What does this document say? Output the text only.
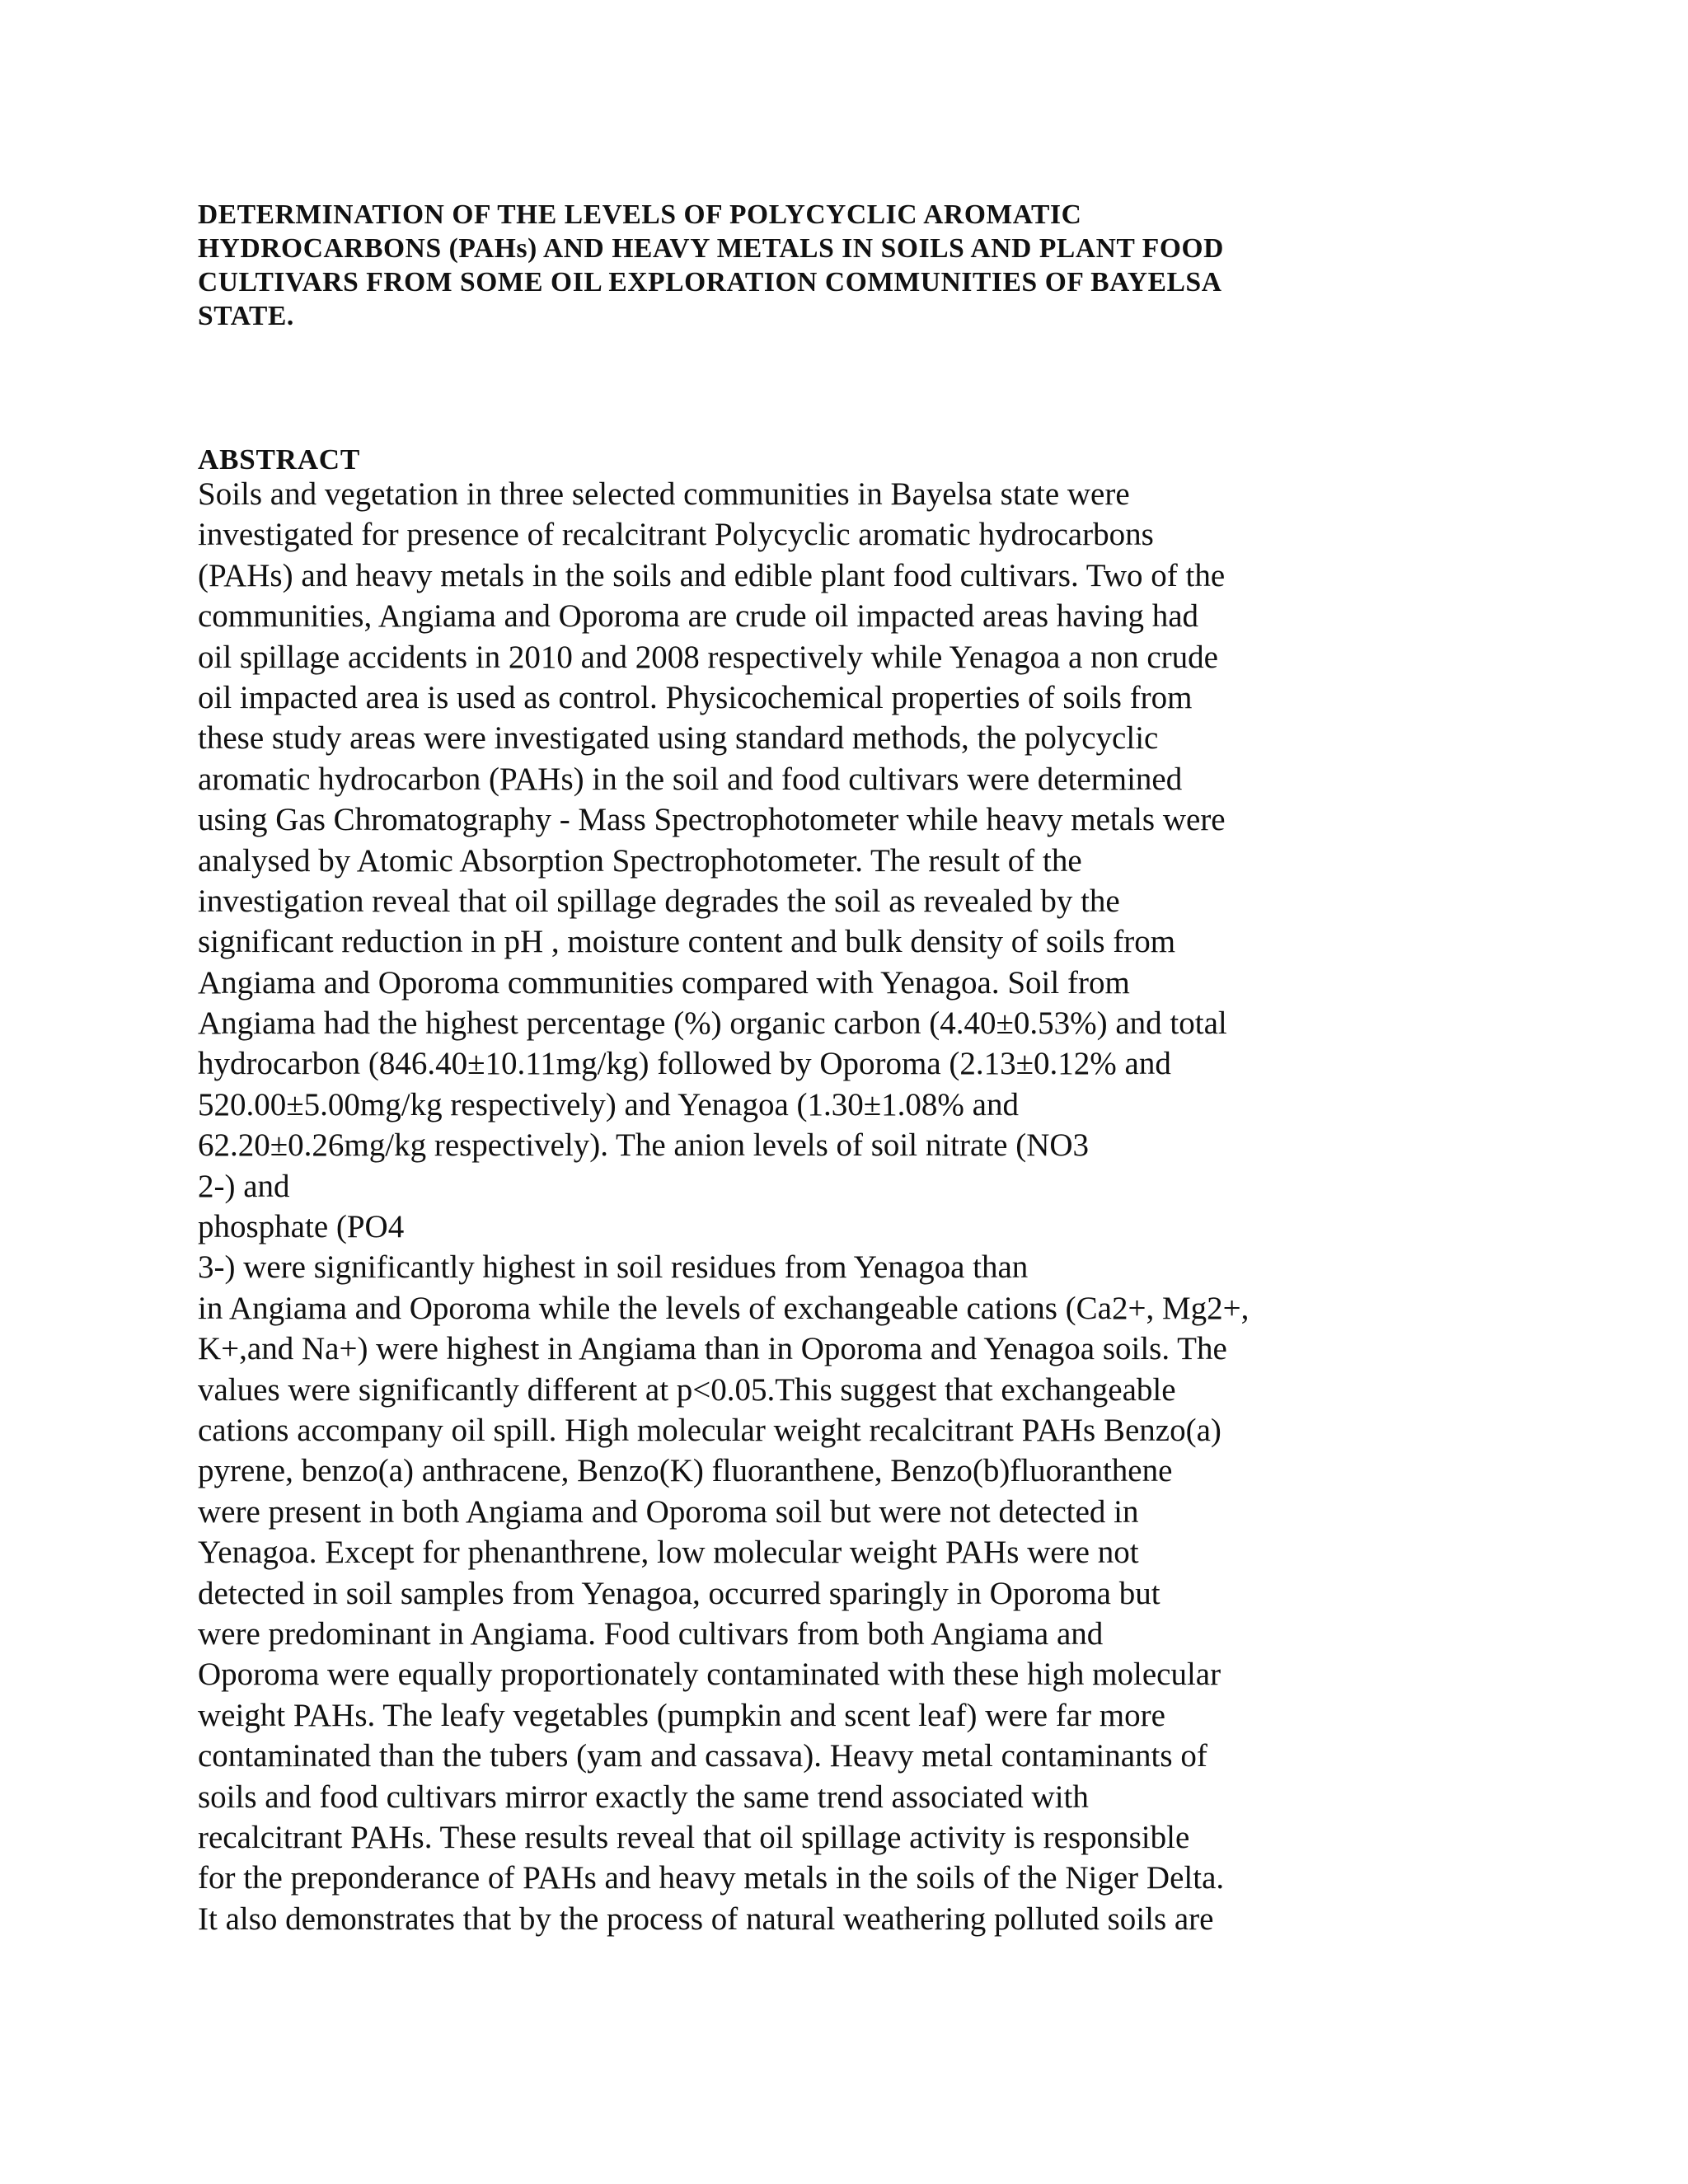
DETERMINATION OF THE LEVELS OF POLYCYCLIC AROMATIC
HYDROCARBONS (PAHs) AND HEAVY METALS IN SOILS AND PLANT FOOD
CULTIVARS FROM SOME OIL EXPLORATION COMMUNITIES OF BAYELSA
STATE.
ABSTRACT
Soils and vegetation in three selected communities in Bayelsa state were
investigated for presence of recalcitrant Polycyclic aromatic hydrocarbons
(PAHs) and heavy metals in the soils and edible plant food cultivars. Two of the
communities, Angiama and Oporoma are crude oil impacted areas having had
oil spillage accidents in 2010 and 2008 respectively while Yenagoa a non crude
oil impacted area is used as control. Physicochemical properties of soils from
these study areas were investigated using standard methods, the polycyclic
aromatic hydrocarbon (PAHs) in the soil and food cultivars were determined
using Gas Chromatography - Mass Spectrophotometer while heavy metals were
analysed by Atomic Absorption Spectrophotometer. The result of the
investigation reveal that oil spillage degrades the soil as revealed by the
significant reduction in pH , moisture content and bulk density of soils from
Angiama and Oporoma communities compared with Yenagoa. Soil from
Angiama had the highest percentage (%) organic carbon (4.40±0.53%) and total
hydrocarbon (846.40±10.11mg/kg) followed by Oporoma (2.13±0.12% and
520.00±5.00mg/kg respectively) and Yenagoa (1.30±1.08% and
62.20±0.26mg/kg respectively). The anion levels of soil nitrate (NO3
2-) and
phosphate (PO4
3-) were significantly highest in soil residues from Yenagoa than
in Angiama and Oporoma while the levels of exchangeable cations (Ca2+, Mg2+,
K+,and Na+) were highest in Angiama than in Oporoma and Yenagoa soils. The
values were significantly different at p<0.05.This suggest that exchangeable
cations accompany oil spill. High molecular weight recalcitrant PAHs Benzo(a)
pyrene, benzo(a) anthracene, Benzo(K) fluoranthene, Benzo(b)fluoranthene
were present in both Angiama and Oporoma soil but were not detected in
Yenagoa. Except for phenanthrene, low molecular weight PAHs were not
detected in soil samples from Yenagoa, occurred sparingly in Oporoma but
were predominant in Angiama. Food cultivars from both Angiama and
Oporoma were equally proportionately contaminated with these high molecular
weight PAHs. The leafy vegetables (pumpkin and scent leaf) were far more
contaminated than the tubers (yam and cassava). Heavy metal contaminants of
soils and food cultivars mirror exactly the same trend associated with
recalcitrant PAHs. These results reveal that oil spillage activity is responsible
for the preponderance of PAHs and heavy metals in the soils of the Niger Delta.
It also demonstrates that by the process of natural weathering polluted soils are
